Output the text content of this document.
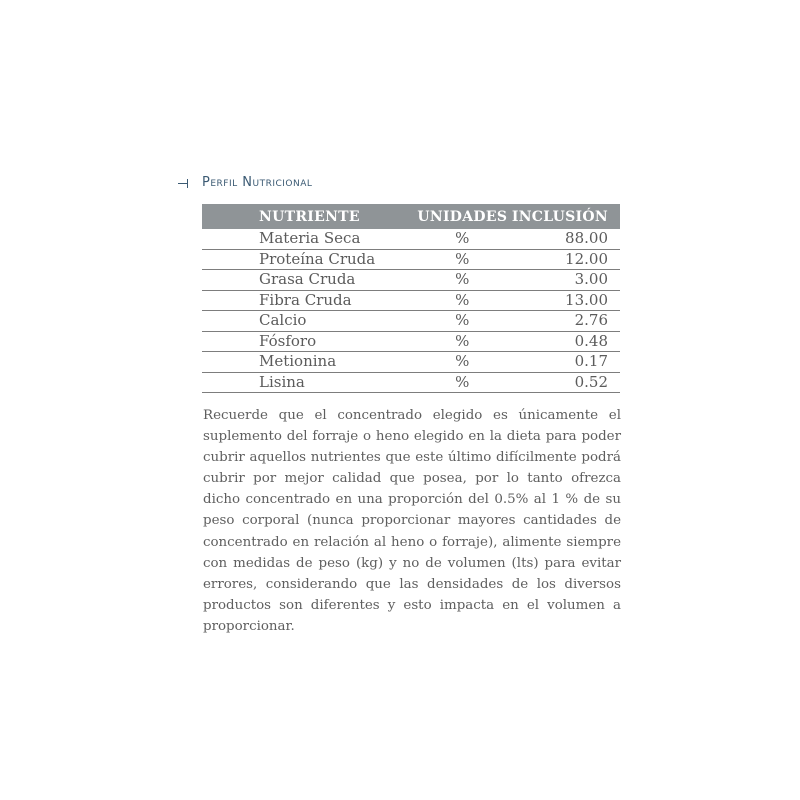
Perfil Nutricional
NUTRIENTE	UNIDADES	INCLUSIÓN
Materia Seca	%	88.00
Proteína Cruda	%	12.00
Grasa Cruda	%	3.00
Fibra Cruda	%	13.00
Calcio	%	2.76
Fósforo	%	0.48
Metionina	%	0.17
Lisina	%	0.52

Recuerde que el concentrado elegido es únicamente el suplemento del forraje o heno elegido en la dieta para poder cubrir aquellos nutrientes que este último difícilmente podrá cubrir por mejor calidad que posea, por lo tanto ofrezca dicho concentrado en una proporción del 0.5% al 1 % de su peso corporal (nunca proporcionar mayores cantidades de concentrado en relación al heno o forraje), alimente siempre con medidas de peso (kg) y no de volumen (lts) para evitar errores, considerando que las densidades de los diversos productos son diferentes y esto impacta en el volumen a proporcionar.
